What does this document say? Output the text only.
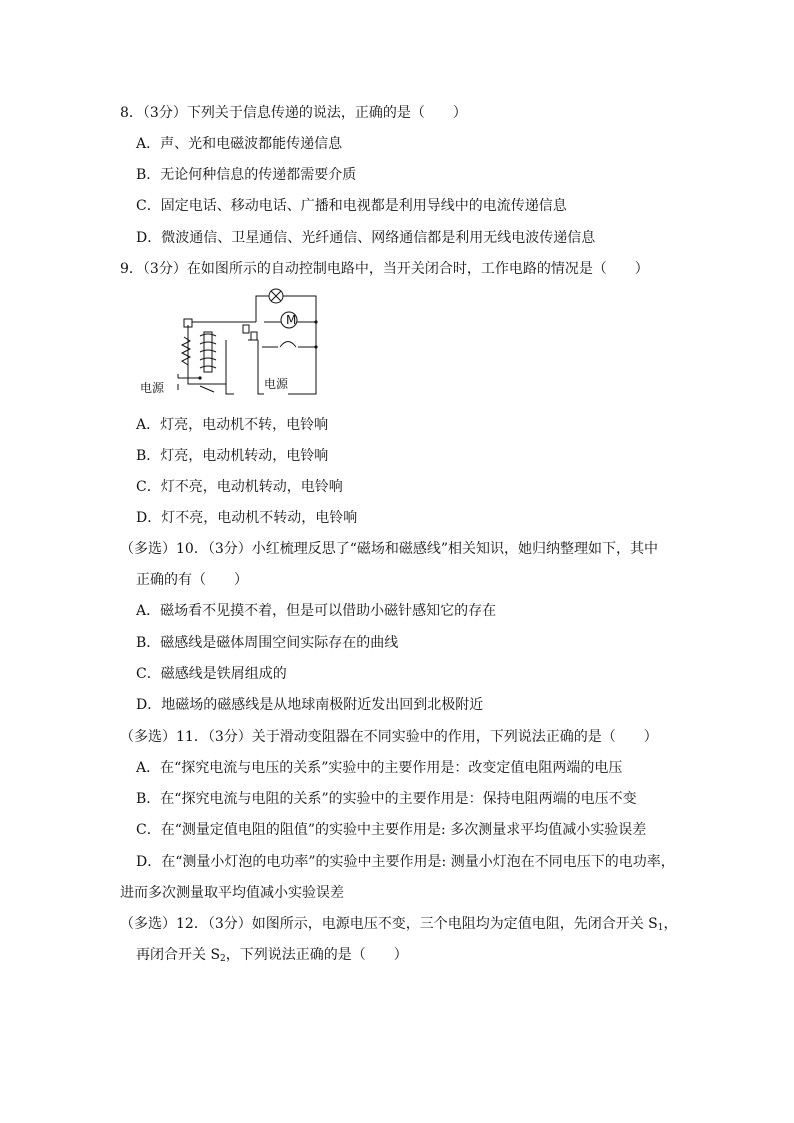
8．（3分）下列关于信息传递的说法，正确的是（　　）
A．声、光和电磁波都能传递信息
B．无论何种信息的传递都需要介质
C．固定电话、移动电话、广播和电视都是利用导线中的电流传递信息
D．微波通信、卫星通信、光纤通信、网络通信都是利用无线电波传递信息
9．（3分）在如图所示的自动控制电路中，当开关闭合时，工作电路的情况是（　　）
M
电源	电源
A．灯亮，电动机不转，电铃响
B．灯亮，电动机转动，电铃响
C．灯不亮，电动机转动，电铃响
D．灯不亮，电动机不转动，电铃响
（多选）10．（3分）小红梳理反思了“磁场和磁感线”相关知识，她归纳整理如下，其中
正确的有（　　）
A．磁场看不见摸不着，但是可以借助小磁针感知它的存在
B．磁感线是磁体周围空间实际存在的曲线
C．磁感线是铁屑组成的
D．地磁场的磁感线是从地球南极附近发出回到北极附近
（多选）11．（3分）关于滑动变阻器在不同实验中的作用，下列说法正确的是（　　）
A．在“探究电流与电压的关系”实验中的主要作用是：改变定值电阻两端的电压
B．在“探究电流与电阻的关系”的实验中的主要作用是：保持电阻两端的电压不变
C．在“测量定值电阻的阻值”的实验中主要作用是: 多次测量求平均值减小实验误差
D．在“测量小灯泡的电功率”的实验中主要作用是: 测量小灯泡在不同电压下的电功率，
进而多次测量取平均值减小实验误差
（多选）12．（3分）如图所示，电源电压不变，三个电阻均为定值电阻，先闭合开关 $S_1$，
再闭合开关 $S_2$，下列说法正确的是（　　）
